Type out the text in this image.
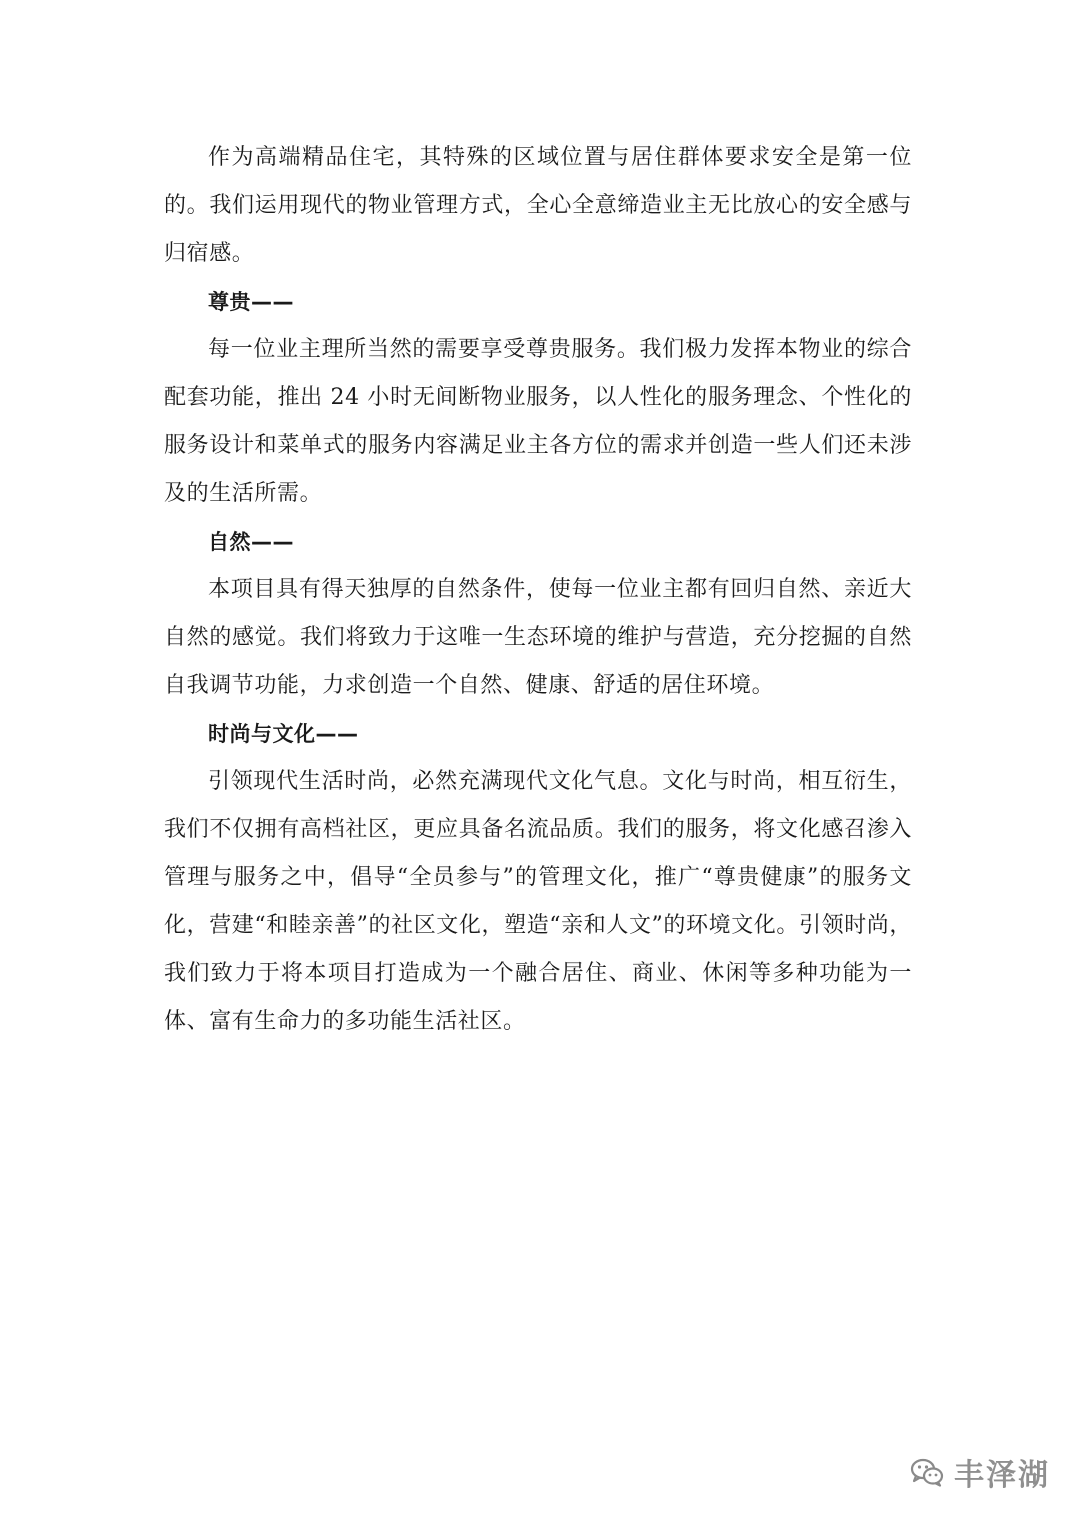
作为高端精品住宅，其特殊的区域位置与居住群体要求安全是第一位的。我们运用现代的物业管理方式，全心全意缔造业主无比放心的安全感与归宿感。

尊贵——

每一位业主理所当然的需要享受尊贵服务。我们极力发挥本物业的综合配套功能，推出 24 小时无间断物业服务，以人性化的服务理念、个性化的服务设计和菜单式的服务内容满足业主各方位的需求并创造一些人们还未涉及的生活所需。

自然——

本项目具有得天独厚的自然条件，使每一位业主都有回归自然、亲近大自然的感觉。我们将致力于这唯一生态环境的维护与营造，充分挖掘的自然自我调节功能，力求创造一个自然、健康、舒适的居住环境。

时尚与文化——

引领现代生活时尚，必然充满现代文化气息。文化与时尚，相互衍生，我们不仅拥有高档社区，更应具备名流品质。我们的服务，将文化感召渗入管理与服务之中，倡导“全员参与”的管理文化，推广“尊贵健康”的服务文化，营建“和睦亲善”的社区文化，塑造“亲和人文”的环境文化。引领时尚，我们致力于将本项目打造成为一个融合居住、商业、休闲等多种功能为一体、富有生命力的多功能生活社区。

丰泽湖
